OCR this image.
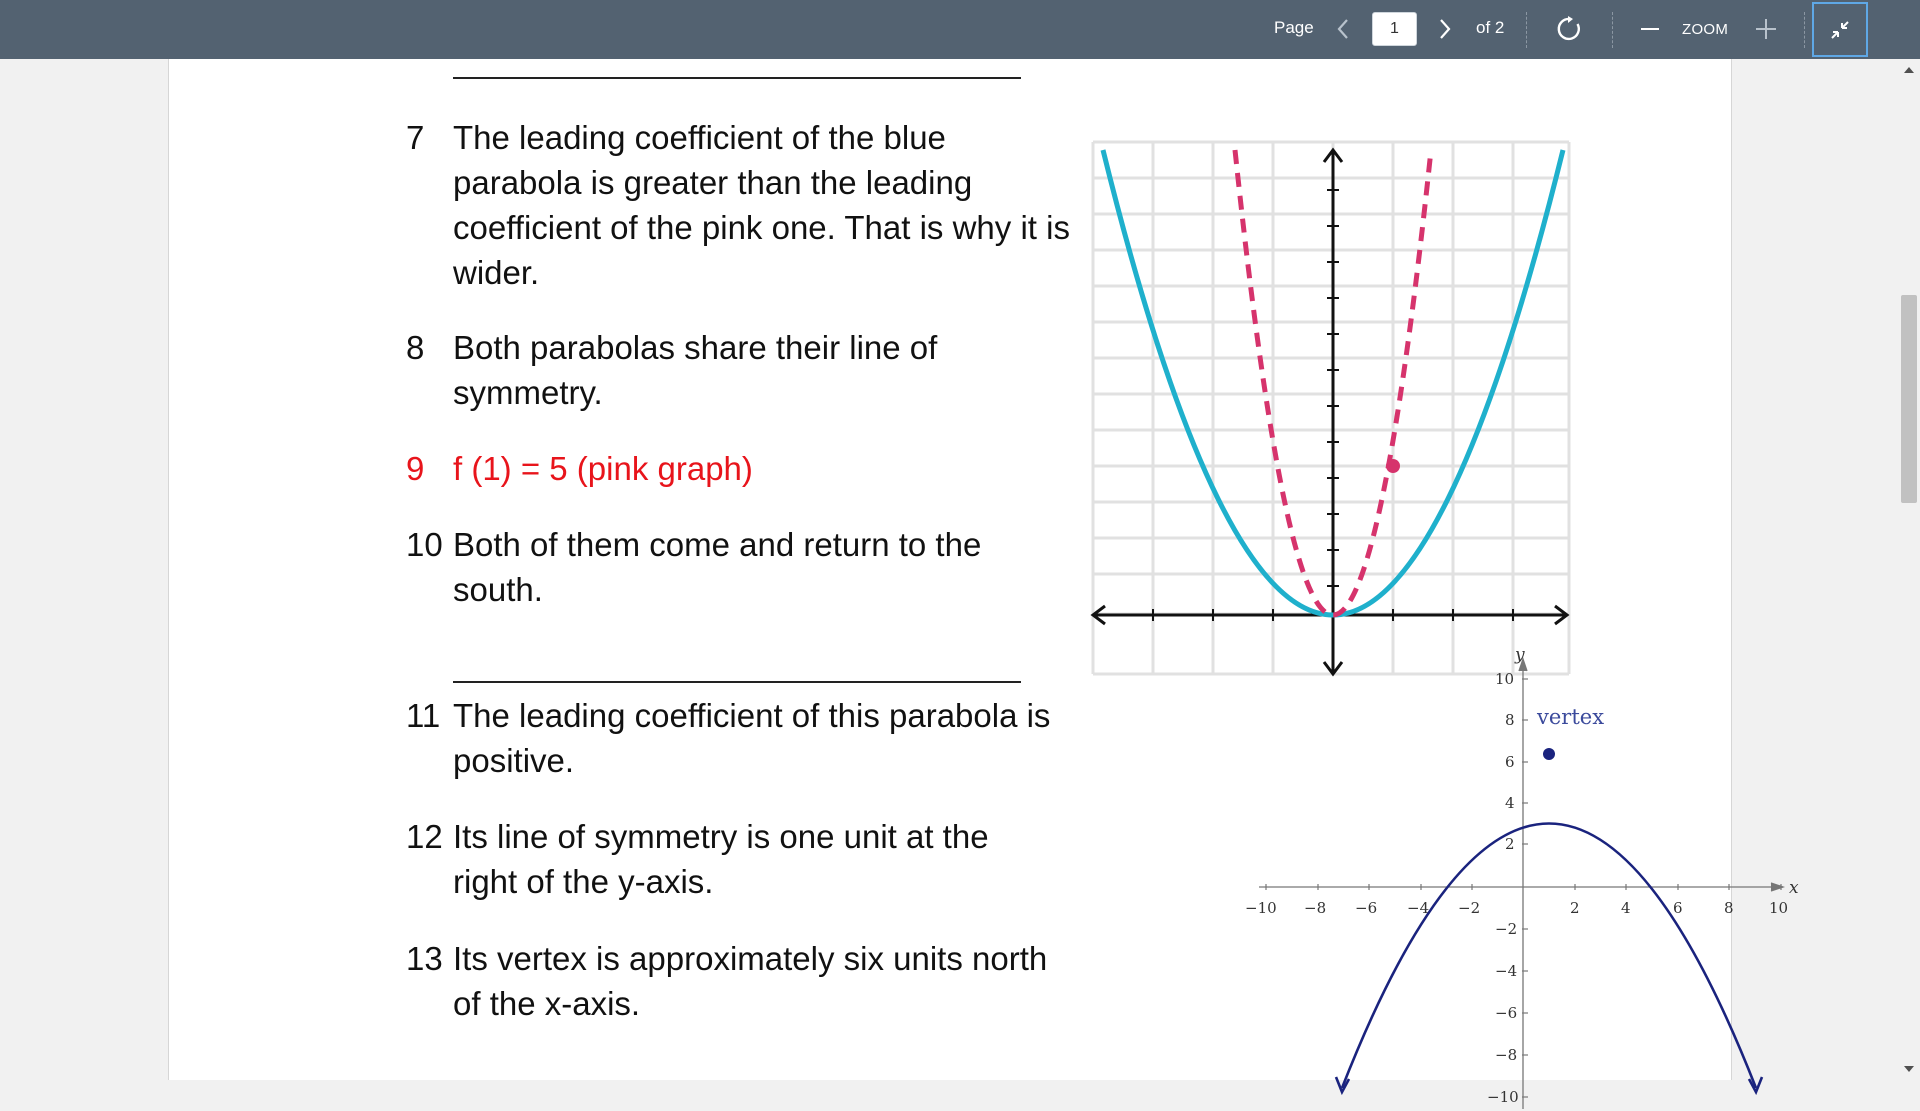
Page
1	of 2	ZOOM
7 The leading coefficient of the blue parabola is greater than the leading coefficient of the pink one. That is why it is wider.
8 Both parabolas share their line of symmetry.
9 f (1) = 5 (pink graph)
10 Both of them come and return to the south.
11 The leading coefficient of this parabola is positive.
12 Its line of symmetry is one unit at the right of the y-axis.
13 Its vertex is approximately six units north of the x-axis.
x
y
−10 −8 −6 −4 −2	2	4	6	8 10
10
8
6
4
2
−2
−4
−6
−8
−10
vertex
